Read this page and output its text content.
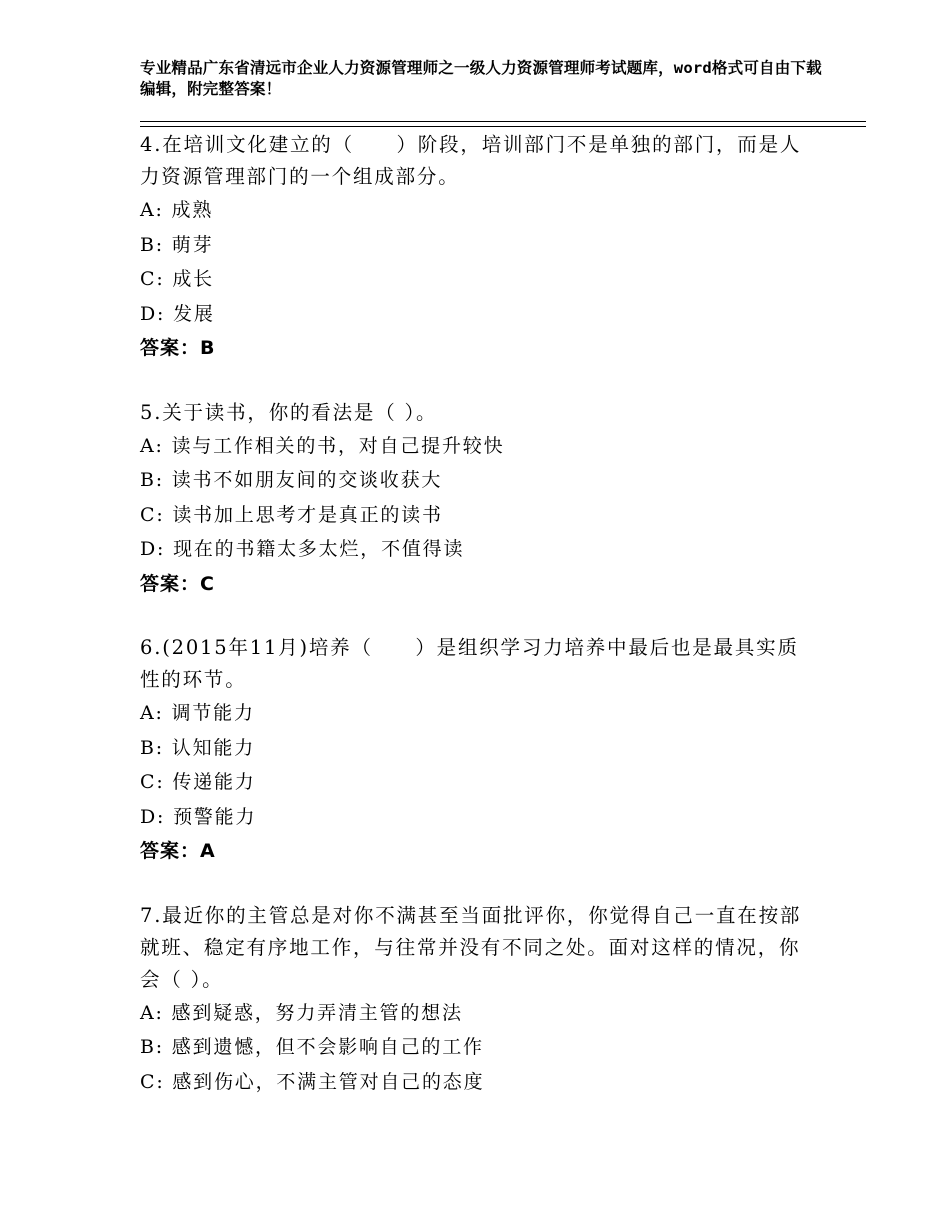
专业精品广东省清远市企业人力资源管理师之一级人力资源管理师考试题库，word格式可自由下载编辑，附完整答案！
4.在培训文化建立的（　　）阶段，培训部门不是单独的部门，而是人力资源管理部门的一个组成部分。
A: 成熟
B: 萌芽
C: 成长
D: 发展
答案：B
5.关于读书，你的看法是（ ）。
A: 读与工作相关的书，对自己提升较快
B: 读书不如朋友间的交谈收获大
C: 读书加上思考才是真正的读书
D: 现在的书籍太多太烂，不值得读
答案：C
6.(2015年11月)培养（　　）是组织学习力培养中最后也是最具实质性的环节。
A: 调节能力
B: 认知能力
C: 传递能力
D: 预警能力
答案：A
7.最近你的主管总是对你不满甚至当面批评你，你觉得自己一直在按部就班、稳定有序地工作，与往常并没有不同之处。面对这样的情况，你会（ ）。
A: 感到疑惑，努力弄清主管的想法
B: 感到遗憾，但不会影响自己的工作
C: 感到伤心，不满主管对自己的态度
